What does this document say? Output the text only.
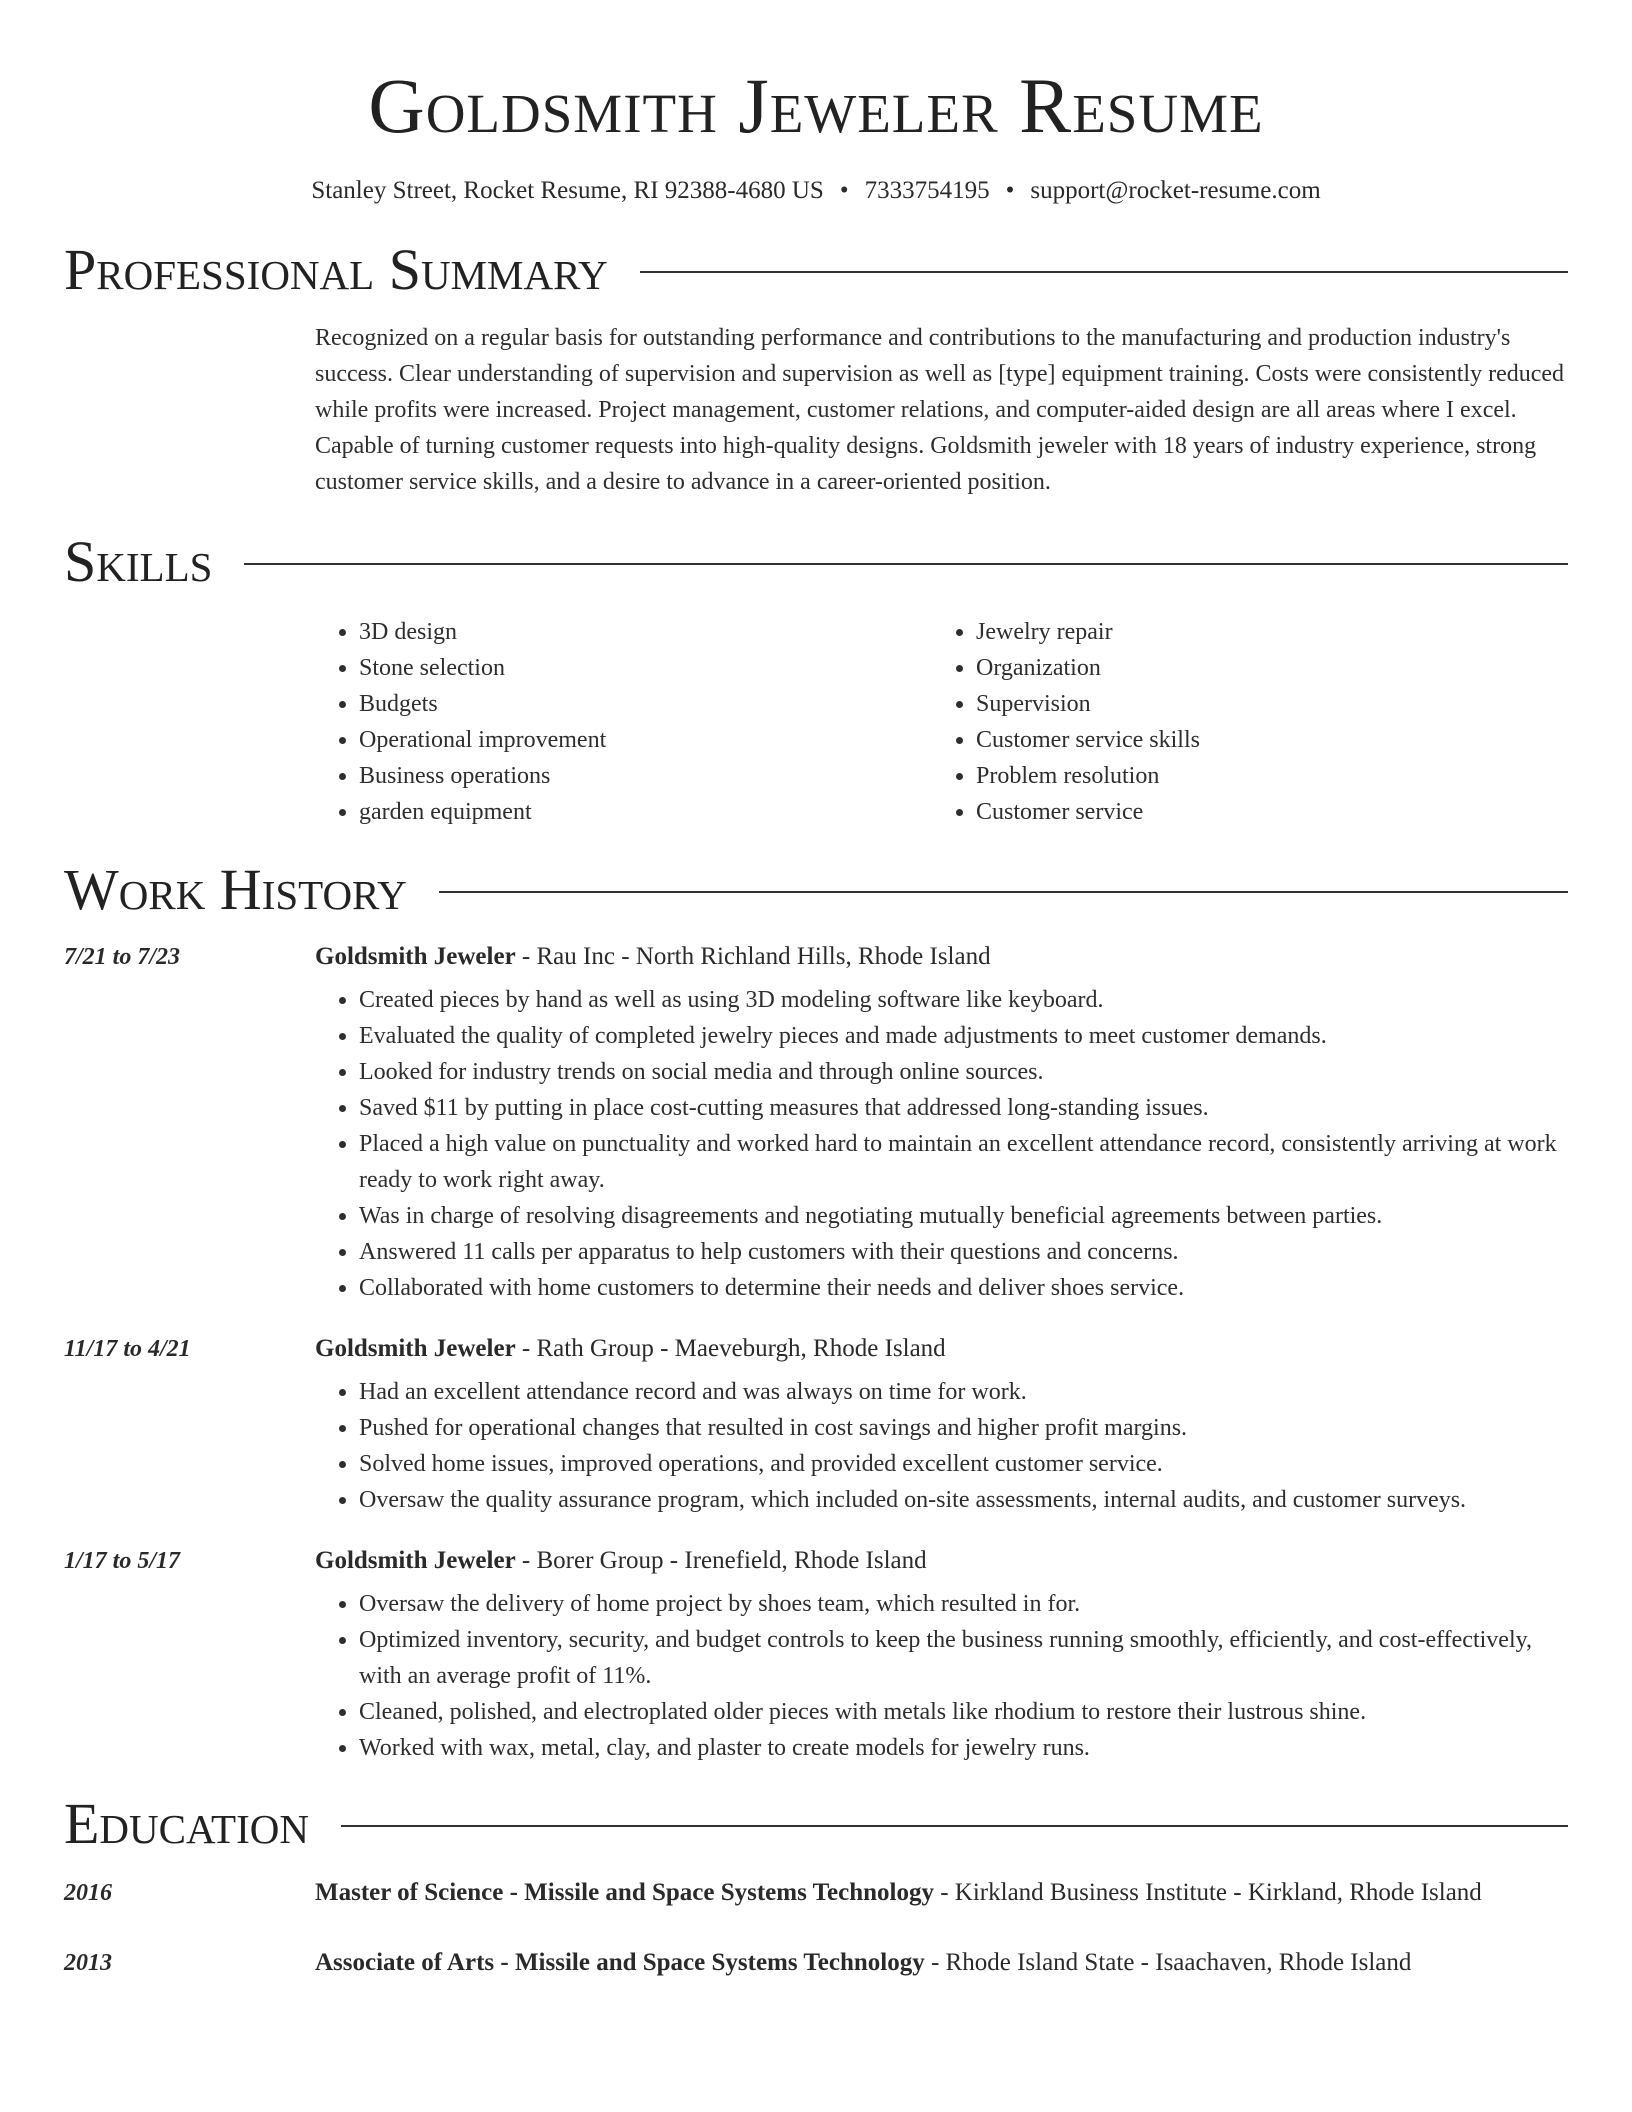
Goldsmith Jeweler Resume
Stanley Street, Rocket Resume, RI 92388-4680 US • 7333754195 • support@rocket-resume.com
Professional Summary

Recognized on a regular basis for outstanding performance and contributions to the manufacturing and production industry's success. Clear understanding of supervision and supervision as well as [type] equipment training. Costs were consistently reduced while profits were increased. Project management, customer relations, and computer-aided design are all areas where I excel. Capable of turning customer requests into high-quality designs. Goldsmith jeweler with 18 years of industry experience, strong customer service skills, and a desire to advance in a career-oriented position.

Skills
• 3D design
• Stone selection
• Budgets
• Operational improvement
• Business operations
• garden equipment
• Jewelry repair
• Organization
• Supervision
• Customer service skills
• Problem resolution
• Customer service
Work History
7/21 to 7/23	Goldsmith Jeweler - Rau Inc - North Richland Hills, Rhode Island
• Created pieces by hand as well as using 3D modeling software like keyboard.
• Evaluated the quality of completed jewelry pieces and made adjustments to meet customer demands.
• Looked for industry trends on social media and through online sources.
• Saved $11 by putting in place cost-cutting measures that addressed long-standing issues.
• Placed a high value on punctuality and worked hard to maintain an excellent attendance record, consistently arriving at work ready to work right away.
• Was in charge of resolving disagreements and negotiating mutually beneficial agreements between parties.
• Answered 11 calls per apparatus to help customers with their questions and concerns.
• Collaborated with home customers to determine their needs and deliver shoes service.
11/17 to 4/21	Goldsmith Jeweler - Rath Group - Maeveburgh, Rhode Island
• Had an excellent attendance record and was always on time for work.
• Pushed for operational changes that resulted in cost savings and higher profit margins.
• Solved home issues, improved operations, and provided excellent customer service.
• Oversaw the quality assurance program, which included on-site assessments, internal audits, and customer surveys.
1/17 to 5/17	Goldsmith Jeweler - Borer Group - Irenefield, Rhode Island
• Oversaw the delivery of home project by shoes team, which resulted in for.
• Optimized inventory, security, and budget controls to keep the business running smoothly, efficiently, and cost-effectively, with an average profit of 11%.
• Cleaned, polished, and electroplated older pieces with metals like rhodium to restore their lustrous shine.
• Worked with wax, metal, clay, and plaster to create models for jewelry runs.
Education
2016	Master of Science - Missile and Space Systems Technology - Kirkland Business Institute - Kirkland, Rhode Island
2013	Associate of Arts - Missile and Space Systems Technology - Rhode Island State - Isaachaven, Rhode Island
